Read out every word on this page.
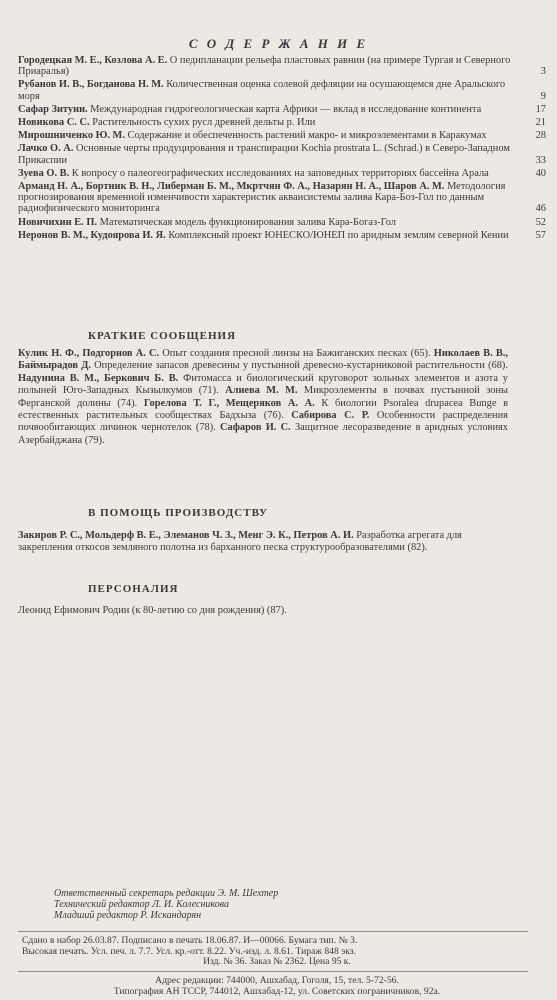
С О Д Е Р Ж А Н И Е
Городецкая М. Е., Козлова А. Е. О педипланации рельефа пластовых равнин (на примере Тургая и Северного Приаралья)	3
Рубанов И. В., Богданова Н. М. Количественная оценка солевой дефляции на осушающемся дне Аральского моря	9
Сафар Зитуни. Международная гидрогеологическая карта Африки — вклад в исследование континента	17
Новикова С. С. Растительность сухих русл древней дельты р. Или	21
Мирошниченко Ю. М. Содержание и обеспеченность растений макро- и микроэлементами в Каракумах	28
Лачко О. А. Основные черты продуцирования и транспирации Kochia prostrata L. (Schrad.) в Северо-Западном Прикаспии	33
Зуева О. В. К вопросу о палеогеографических исследованиях на заповедных территориях бассейна Арала	40
Арманд Н. А., Бортник В. Н., Либерман Б. М., Мкртчян Ф. А., Назарян Н. А., Шаров А. М. Методология прогнозирования временной изменчивости характеристик акваисистемы залива Кара-Бoз-Гол по данным радиофизического мониторинга	46
Новичихин Е. П. Математическая модель функционирования залива Кара-Богаз-Гол	52
Неронов В. М., Кудоярова И. Я. Комплексный проект ЮНЕСКО/ЮНЕП по аридным землям северной Кении	57
КРАТКИЕ СООБЩЕНИЯ
Кулик Н. Ф., Подгорнов А. С. Опыт создания пресной линзы на Бажиганских песках (65). Николаев В. В., Баймырадов Д. Определение запасов древесины у пустынной древесно-кустарниковой растительности (68). Надунина В. М., Беркович Б. В. Фитомасса и биологический круговорот зольных элементов и азота у полыней Юго-Западных Кызылкумов (71). Алиева М. М. Микроэлементы в почвах пустынной зоны Ферганской долины (74). Горелова Т. Г., Мещеряков А. А. К биологии Psoralea drupacea Bunge в естественных растительных сообществах Бадхыза (76). Сабирова С. Р. Особенности распределения почвообитающих личинок чернотелок (78). Сафаров И. С. Защитное лесоразведение в аридных условиях Азербайджана (79).
В ПОМОЩЬ ПРОИЗВОДСТВУ
Закиров Р. С., Мольдерф В. Е., Элеманов Ч. З., Менг Э. К., Петров А. И. Разработка агрегата для закрепления откосов земляного полотна из барханного песка структурообразователями (82).
ПЕРСОНАЛИЯ
Леонид Ефимович Родин (к 80-летию со дня рождения) (87).
Ответственный секретарь редакции Э. М. Шехтер
Технический редактор Л. И. Колесникова
Младший редактор Р. Искандарян
Сдано в набор 26.03.87. Подписано в печать 18.06.87. И—00066. Бумага тип. № 3.
Высокая печать. Усл. печ. л. 7.7. Усл. кр.-отт. 8.22. Уч.-изд. л. 8.61. Тираж 848 экз.
Изд. № 36. Заказ № 2362. Цена 95 к.
Адрес редакции: 744000, Ашхабад, Гоголя, 15, тел. 5-72-56.
Типография АН ТССР, 744012, Ашхабад-12, ул. Советских пограничников, 92а.
